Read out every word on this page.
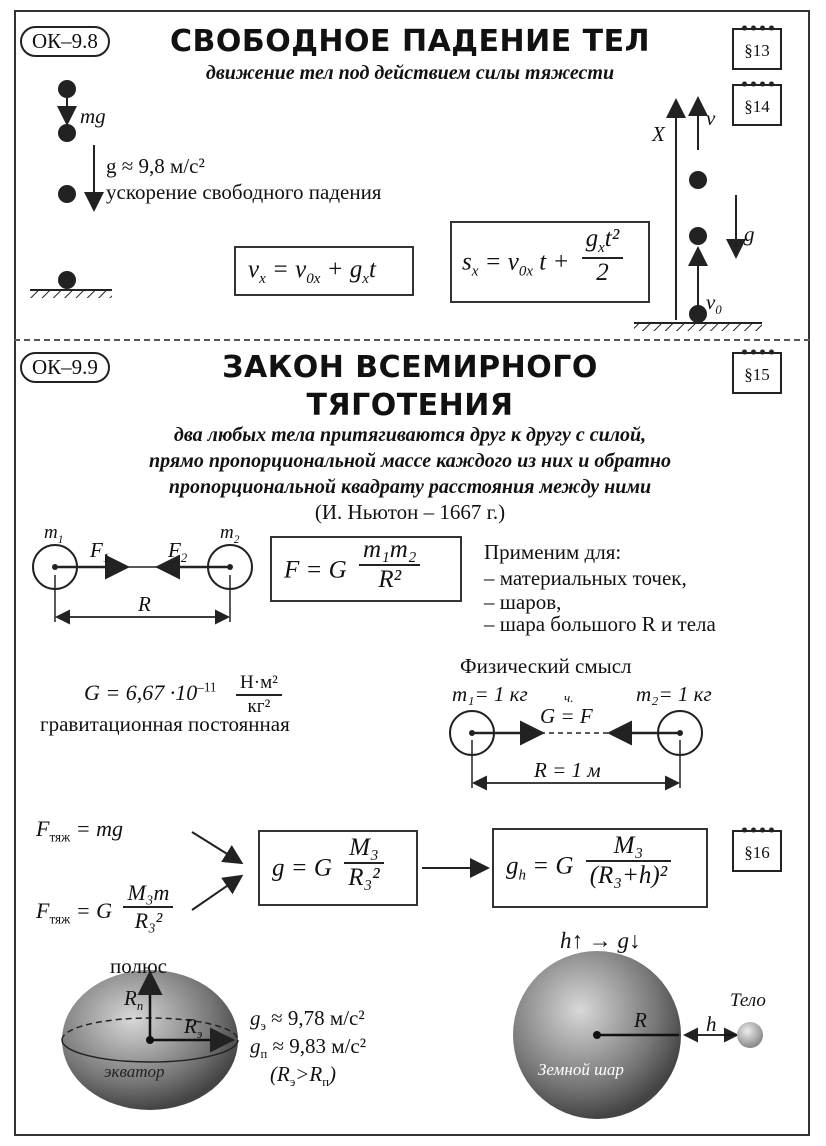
ОК–9.8	СВОБОДНОЕ ПАДЕНИЕ ТЕЛ
движение тел под действием силы тяжести
§13
§14
mg
g ≈ 9,8 м/с²
ускорение свободного падения
$v_x = v_{0x} + g_xt$	$s_x = v_{0x}$ $t + \frac{g_xt^2}{2}$
X
v
g
$v_0$
ОК–9.9	ЗАКОН ВСЕМИРНОГО
ТЯГОТЕНИЯ
§15
§16
два любых тела притягиваются друг к другу с силой,
прямо пропорциональной массе каждого из них и обратно
пропорциональной квадрату расстояния между ними
(И. Ньютон – 1667 г.)
$m_1$	$m_2$
$F_1$	$F_2$
R
F = G $\frac{\text{m₁m₂}}{\text{R²}}$	Применим для:
– материальных точек,
– шаров,
– шара большого R и тела
$G = 6,67 \cdot 10^{-11} \frac{\text{Н·м²}}{\text{кг²}}$
гравитационная постоянная
Физический смысл
m₁= 1 кг	m₂= 1 кг
G = F
ч.
R = 1 м
$F_{тяж}$ = mg
$F_{тяж} = G \frac{\text{M₃m}}{\text{R₃²}}$
g = G $\frac{\text{M₃}}{\text{R₃²}}$	$g_h = G \frac{\text{M₃}}{\text{(R₃+h)²}}$
h↑ → g↓
полюс
$R_п$
$R_э$
экватор
$g_э \approx 9,78$ м/с²
$g_п \approx 9,83$ м/с²
$(R_э>R_п)$
R
Земной шар
h
Тело
